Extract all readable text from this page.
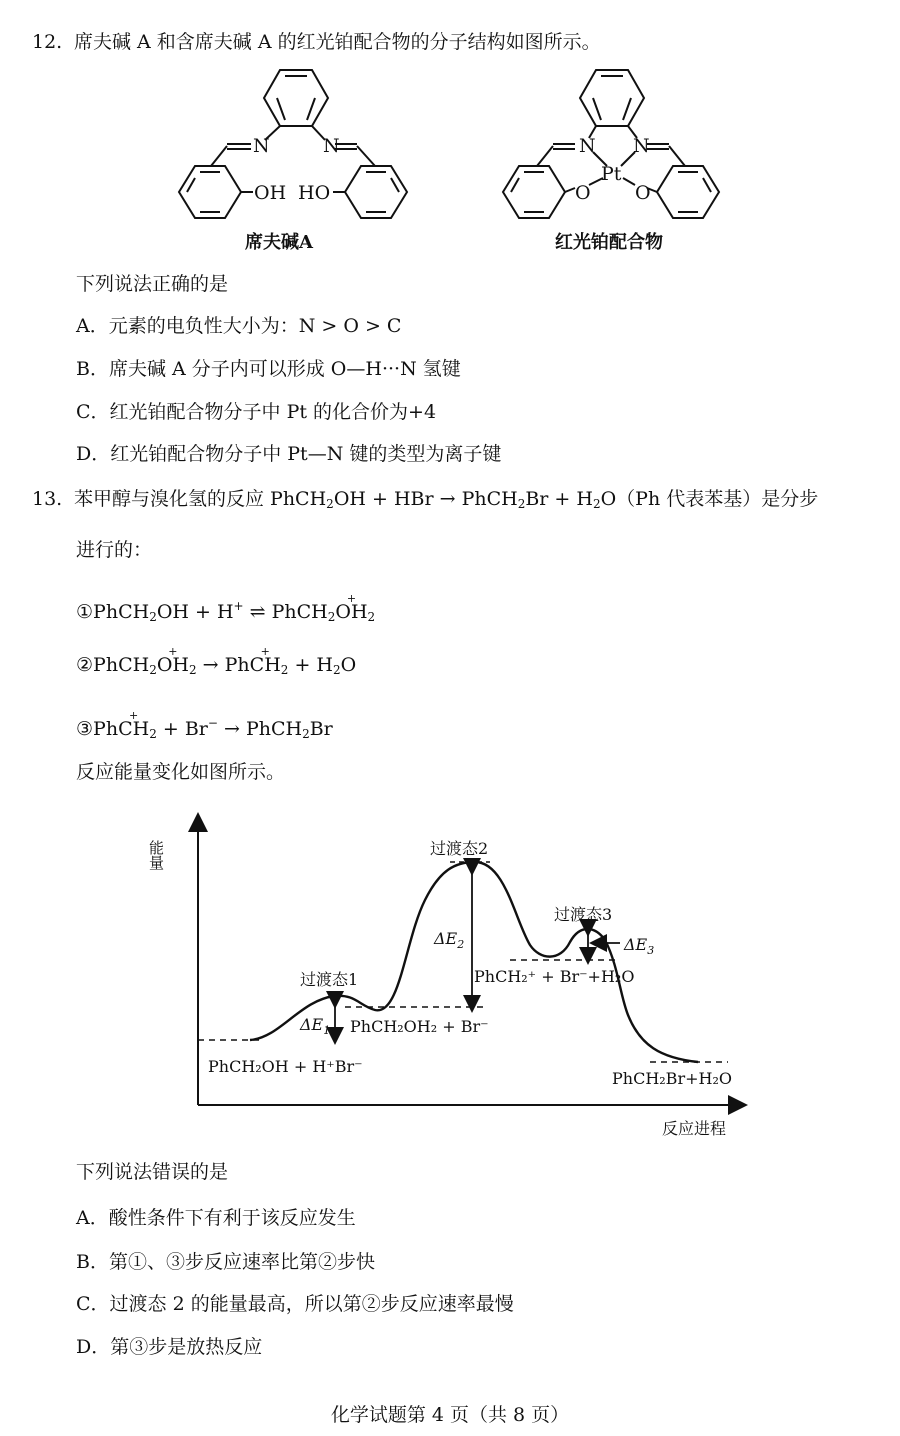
12. 席夫碱 A 和含席夫碱 A 的红光铂配合物的分子结构如图所示。
N	N
OH HO
席夫碱A
N N
Pt
O O
红光铂配合物
下列说法正确的是
A．元素的电负性大小为：N > O > C
B．席夫碱 A 分子内可以形成 O—H···N 氢键
C．红光铂配合物分子中 Pt 的化合价为+4
D．红光铂配合物分子中 Pt—N 键的类型为离子键
13. 苯甲醇与溴化氢的反应 PhCH$_2$OH + HBr → PhCH$_2$Br + $H_2O(Ph$ 代表苯基）是分步
进行的：
①PhCH$_2$OH + H+ ⇌ PhCH$_2$+ $OH_2$
②PhCH$_2$+ $OH_2 \to Ph+ CH_2 + H_2O$
③Ph+ $CH_2 + Br^-$ → PhCH$_2$Br
反应能量变化如图所示。
能量
反应进程
过渡态1
过渡态2
过渡态3
$\Delta E_1$
$\Delta E_2$	$\Delta E_3$
PhCH₂OH + H⁺Br⁻
PhCH₂OH₂ + Br⁻
PhCH₂⁺ + Br⁻+H₂O
PhCH₂Br+H₂O
下列说法错误的是
A．酸性条件下有利于该反应发生
B．第①、③步反应速率比第②步快
C．过渡态 2 的能量最高，所以第②步反应速率最慢
D．第③步是放热反应
化学试题第 4 页（共 8 页）
